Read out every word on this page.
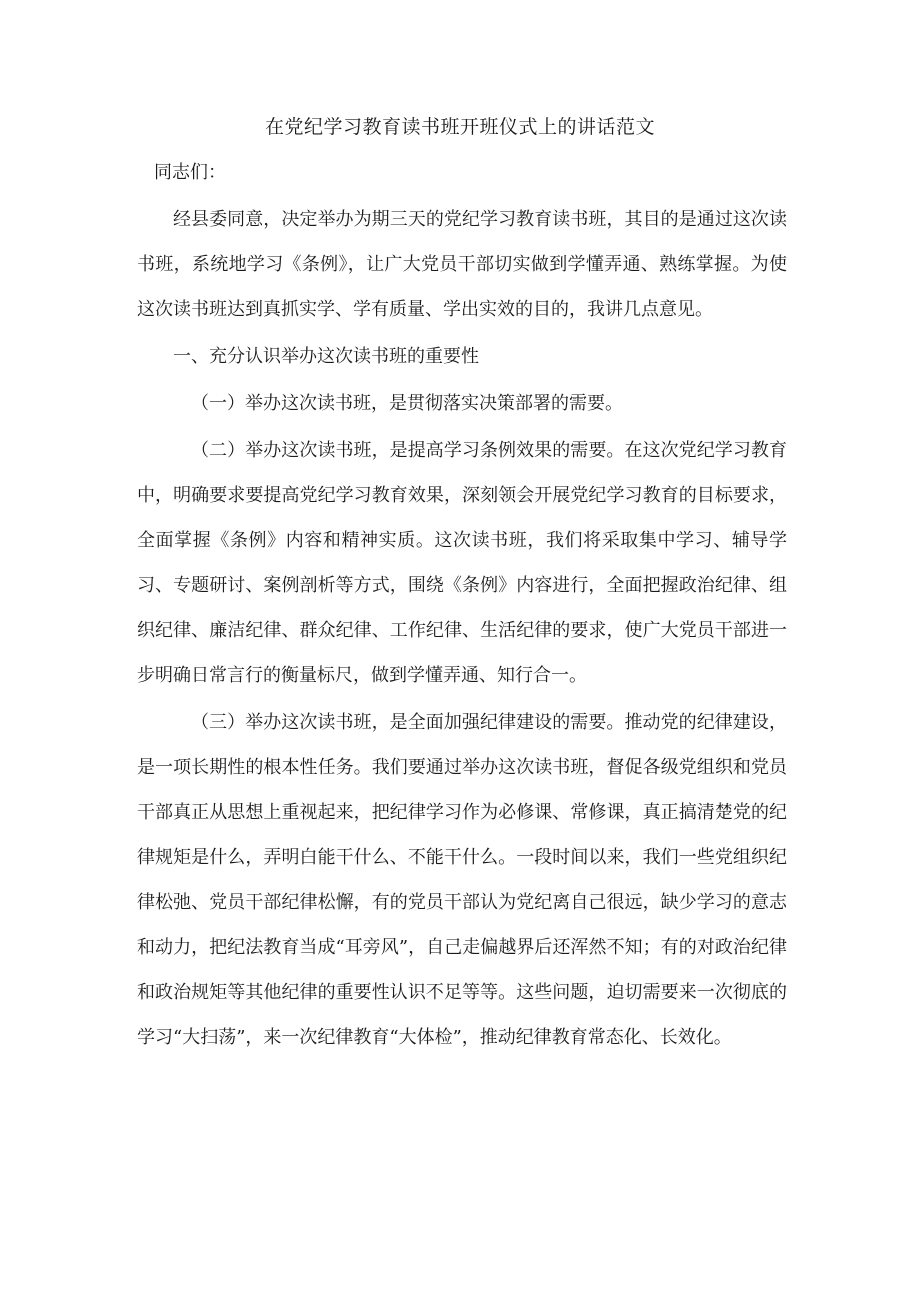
在党纪学习教育读书班开班仪式上的讲话范文

同志们：

经县委同意，决定举办为期三天的党纪学习教育读书班，其目的是通过这次读书班，系统地学习《条例》，让广大党员干部切实做到学懂弄通、熟练掌握。为使这次读书班达到真抓实学、学有质量、学出实效的目的，我讲几点意见。

一、充分认识举办这次读书班的重要性

（一）举办这次读书班，是贯彻落实决策部署的需要。

（二）举办这次读书班，是提高学习条例效果的需要。在这次党纪学习教育中，明确要求要提高党纪学习教育效果，深刻领会开展党纪学习教育的目标要求，全面掌握《条例》内容和精神实质。这次读书班，我们将采取集中学习、辅导学习、专题研讨、案例剖析等方式，围绕《条例》内容进行，全面把握政治纪律、组织纪律、廉洁纪律、群众纪律、工作纪律、生活纪律的要求，使广大党员干部进一步明确日常言行的衡量标尺，做到学懂弄通、知行合一。

（三）举办这次读书班，是全面加强纪律建设的需要。推动党的纪律建设，是一项长期性的根本性任务。我们要通过举办这次读书班，督促各级党组织和党员干部真正从思想上重视起来，把纪律学习作为必修课、常修课，真正搞清楚党的纪律规矩是什么，弄明白能干什么、不能干什么。一段时间以来，我们一些党组织纪律松弛、党员干部纪律松懈，有的党员干部认为党纪离自己很远，缺少学习的意志和动力，把纪法教育当成“耳旁风”，自己走偏越界后还浑然不知；有的对政治纪律和政治规矩等其他纪律的重要性认识不足等等。这些问题，迫切需要来一次彻底的学习“大扫荡”，来一次纪律教育“大体检”，推动纪律教育常态化、长效化。
